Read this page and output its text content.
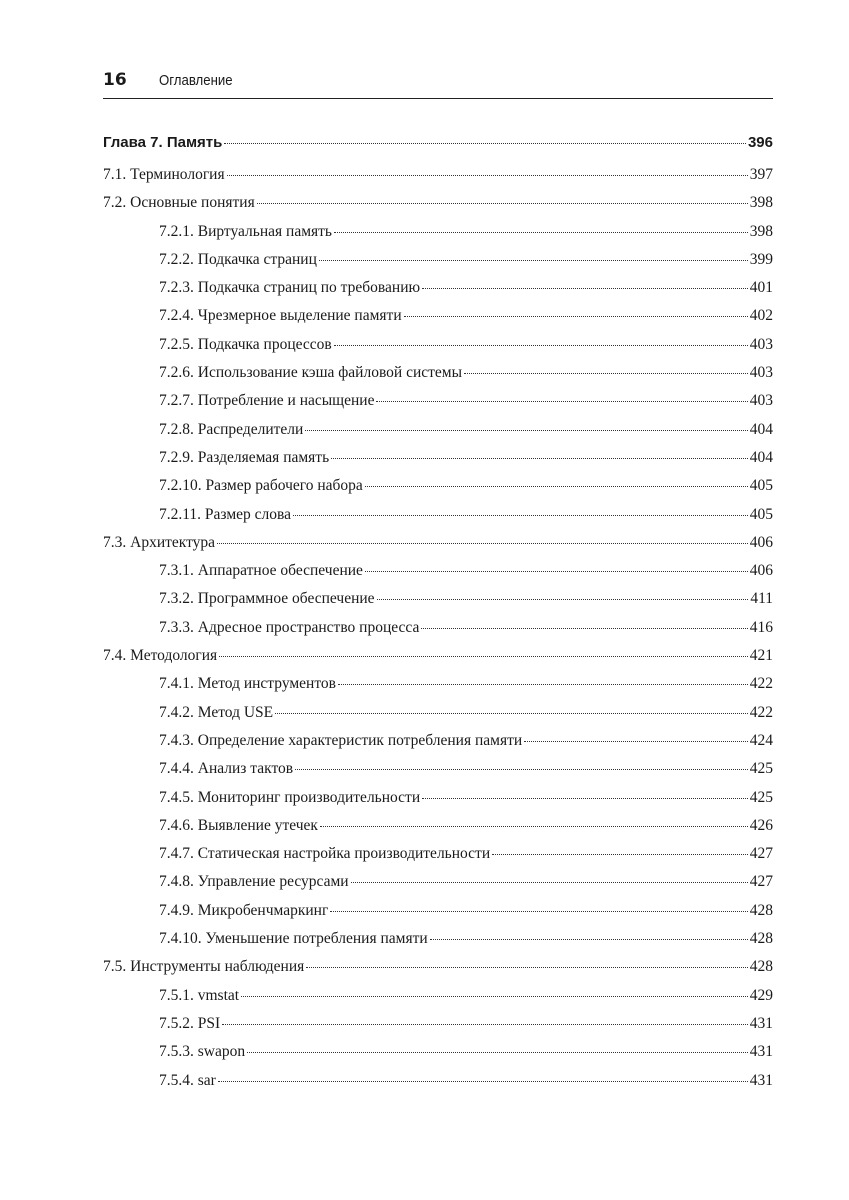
16 Оглавление
Глава 7. Память	396
7.1. Терминология	397
7.2. Основные понятия	398
7.2.1. Виртуальная память	398
7.2.2. Подкачка страниц	399
7.2.3. Подкачка страниц по требованию	401
7.2.4. Чрезмерное выделение памяти	402
7.2.5. Подкачка процессов	403
7.2.6. Использование кэша файловой системы	403
7.2.7. Потребление и насыщение	403
7.2.8. Распределители	404
7.2.9. Разделяемая память	404
7.2.10. Размер рабочего набора	405
7.2.11. Размер слова	405
7.3. Архитектура	406
7.3.1. Аппаратное обеспечение	406
7.3.2. Программное обеспечение	411
7.3.3. Адресное пространство процесса	416
7.4. Методология	421
7.4.1. Метод инструментов	422
7.4.2. Метод USE	422
7.4.3. Определение характеристик потребления памяти	424
7.4.4. Анализ тактов	425
7.4.5. Мониторинг производительности	425
7.4.6. Выявление утечек	426
7.4.7. Статическая настройка производительности	427
7.4.8. Управление ресурсами	427
7.4.9. Микробенчмаркинг	428
7.4.10. Уменьшение потребления памяти	428
7.5. Инструменты наблюдения	428
7.5.1. vmstat	429
7.5.2. PSI	431
7.5.3. swapon	431
7.5.4. sar	431
